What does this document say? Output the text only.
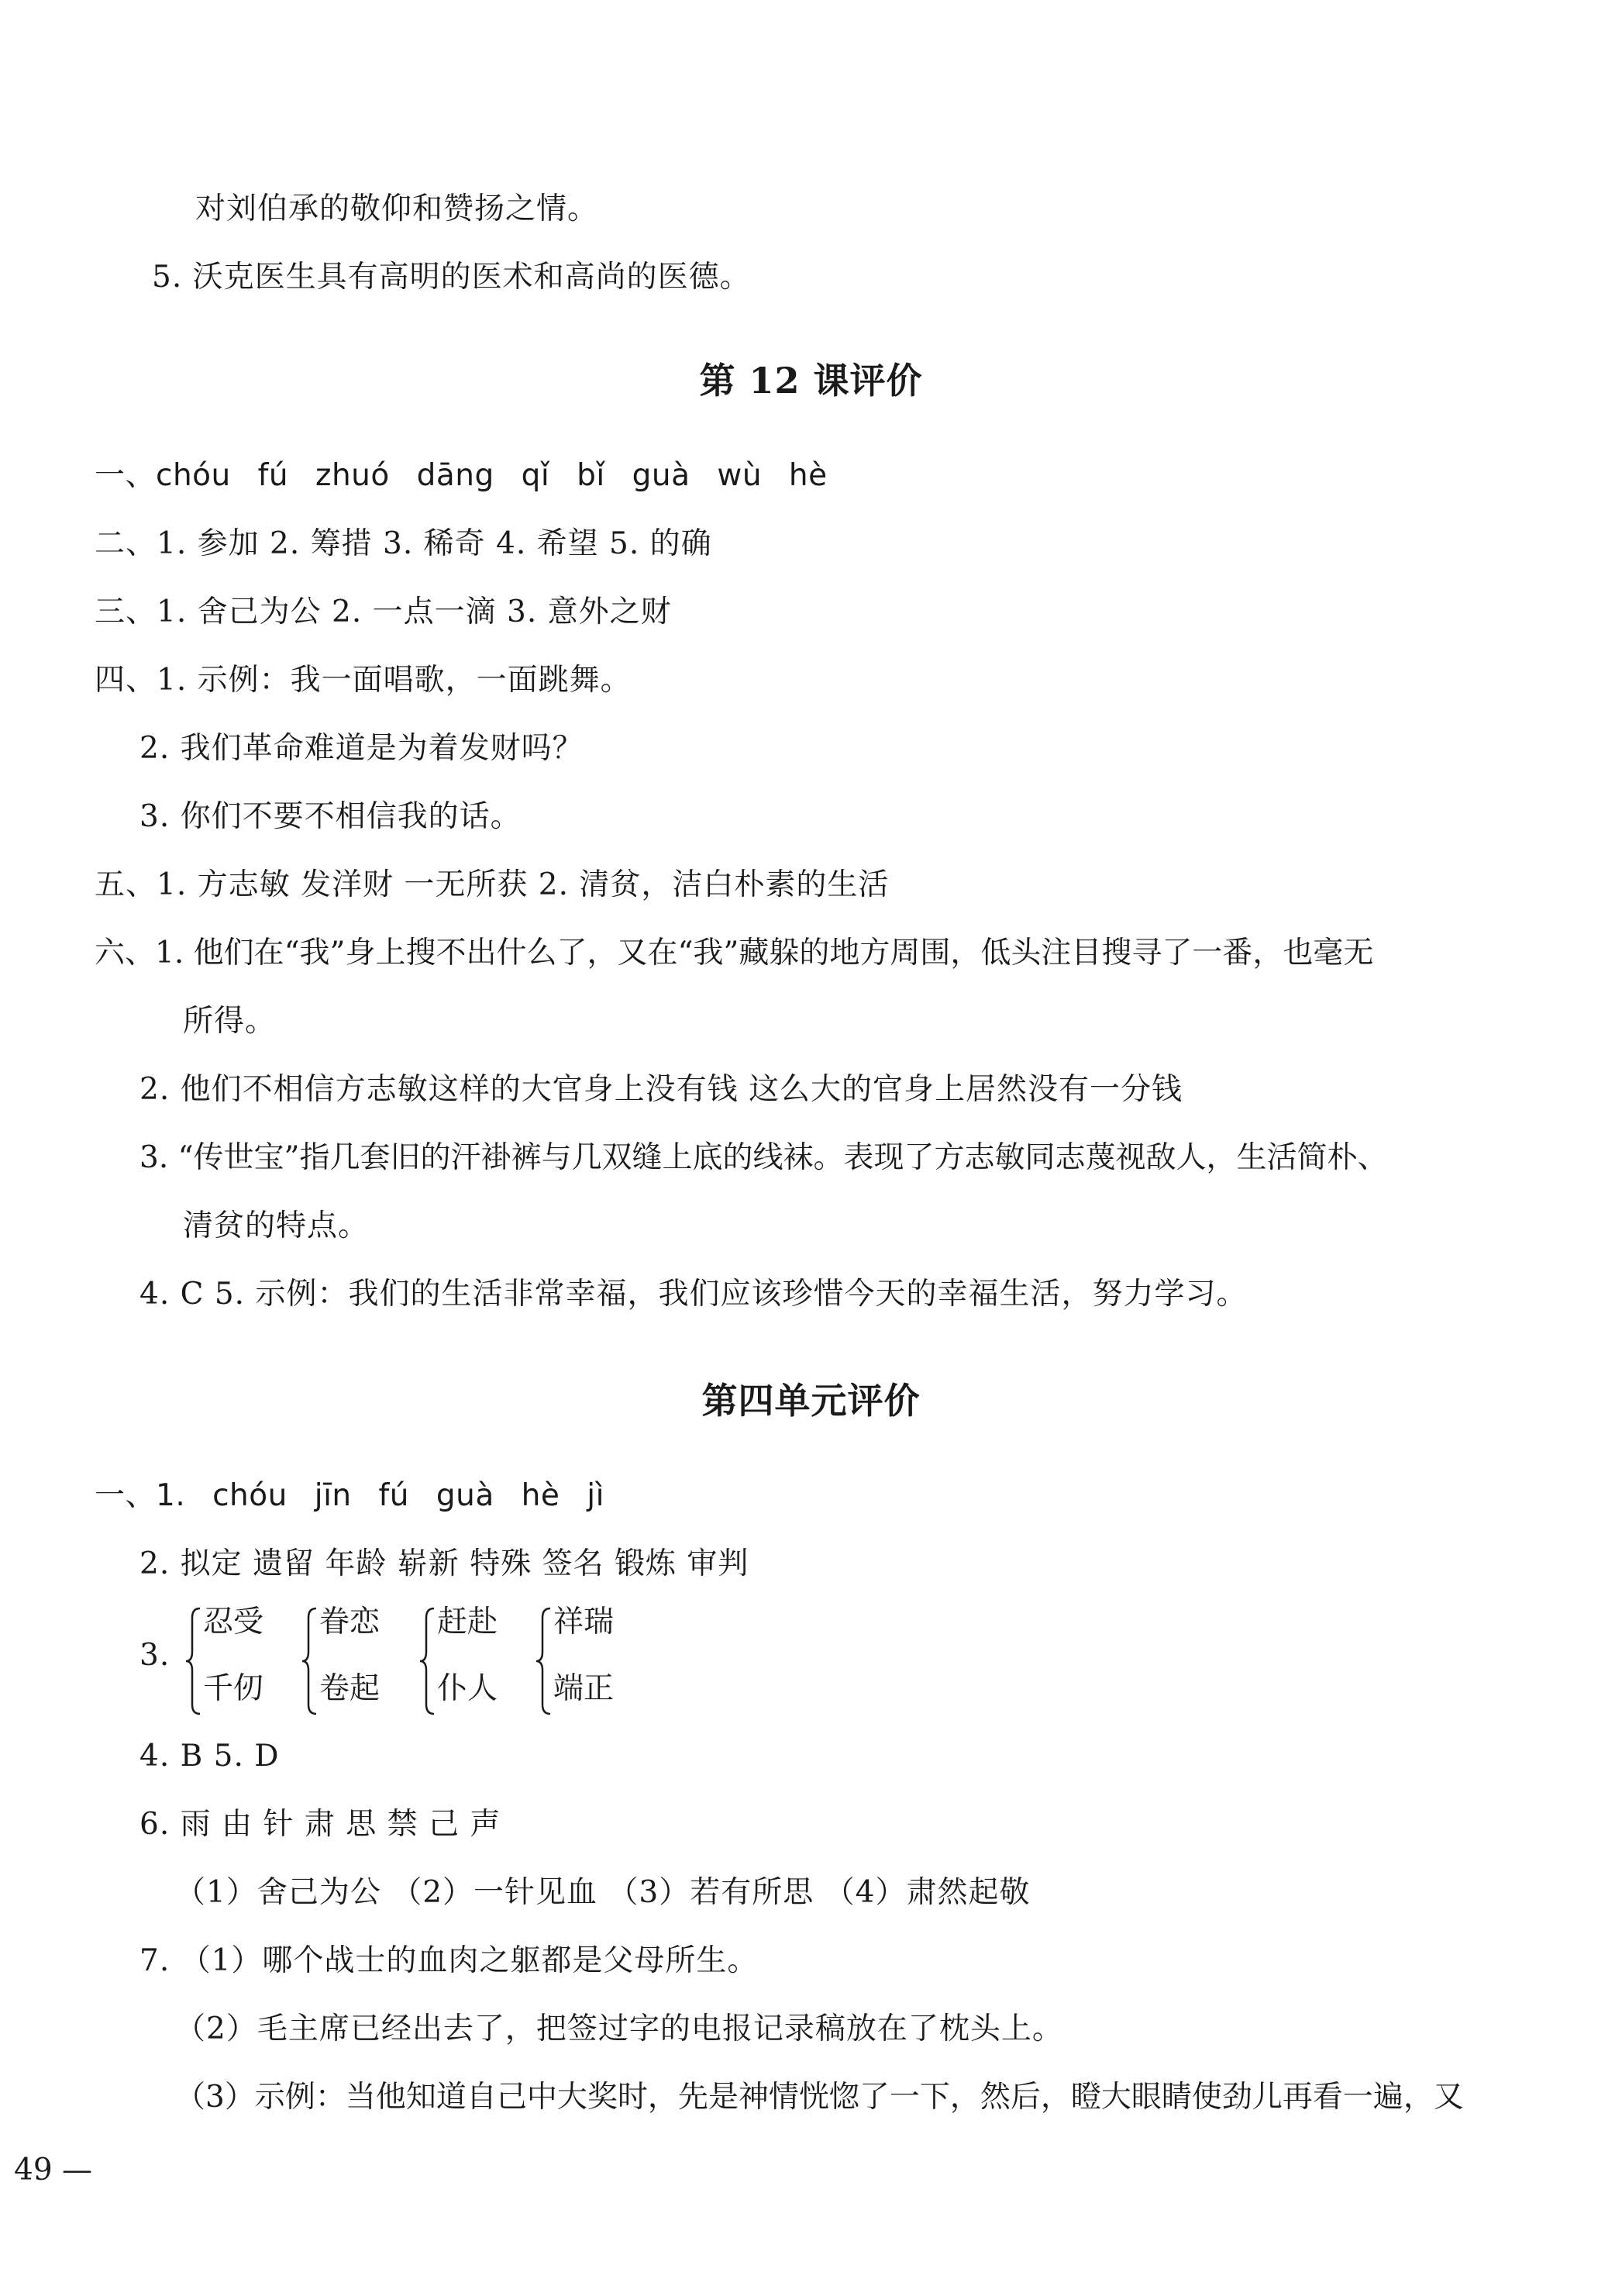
对刘伯承的敬仰和赞扬之情。
5. 沃克医生具有高明的医术和高尚的医德。
第 12 课评价
一、chóu fú zhuó dāng qǐ bǐ guà wù hè
二、1. 参加 2. 筹措 3. 稀奇 4. 希望 5. 的确
三、1. 舍己为公 2. 一点一滴 3. 意外之财
四、1. 示例：我一面唱歌，一面跳舞。
2. 我们革命难道是为着发财吗？
3. 你们不要不相信我的话。
五、1. 方志敏 发洋财 一无所获 2. 清贫，洁白朴素的生活
六、1. 他们在“我”身上搜不出什么了，又在“我”藏躲的地方周围，低头注目搜寻了一番，也毫无
所得。
2. 他们不相信方志敏这样的大官身上没有钱 这么大的官身上居然没有一分钱
3. “传世宝”指几套旧的汗褂裤与几双缝上底的线袜。表现了方志敏同志蔑视敌人，生活简朴、
清贫的特点。
4. C 5. 示例：我们的生活非常幸福，我们应该珍惜今天的幸福生活，努力学习。
第四单元评价
一、1. chóu jīn fú guà hè jì
2. 拟定 遗留 年龄 崭新 特殊 签名 锻炼 审判
3.
忍受
千仞
眷恋
卷起
赶赴
仆人
祥瑞
端正
4. B 5. D
6. 雨 由 针 肃 思 禁 己 声
（1）舍己为公 （2）一针见血 （3）若有所思 （4）肃然起敬
7. （1）哪个战士的血肉之躯都是父母所生。
（2）毛主席已经出去了，把签过字的电报记录稿放在了枕头上。
（3）示例：当他知道自己中大奖时，先是神情恍惚了一下，然后，瞪大眼睛使劲儿再看一遍，又
49 —
